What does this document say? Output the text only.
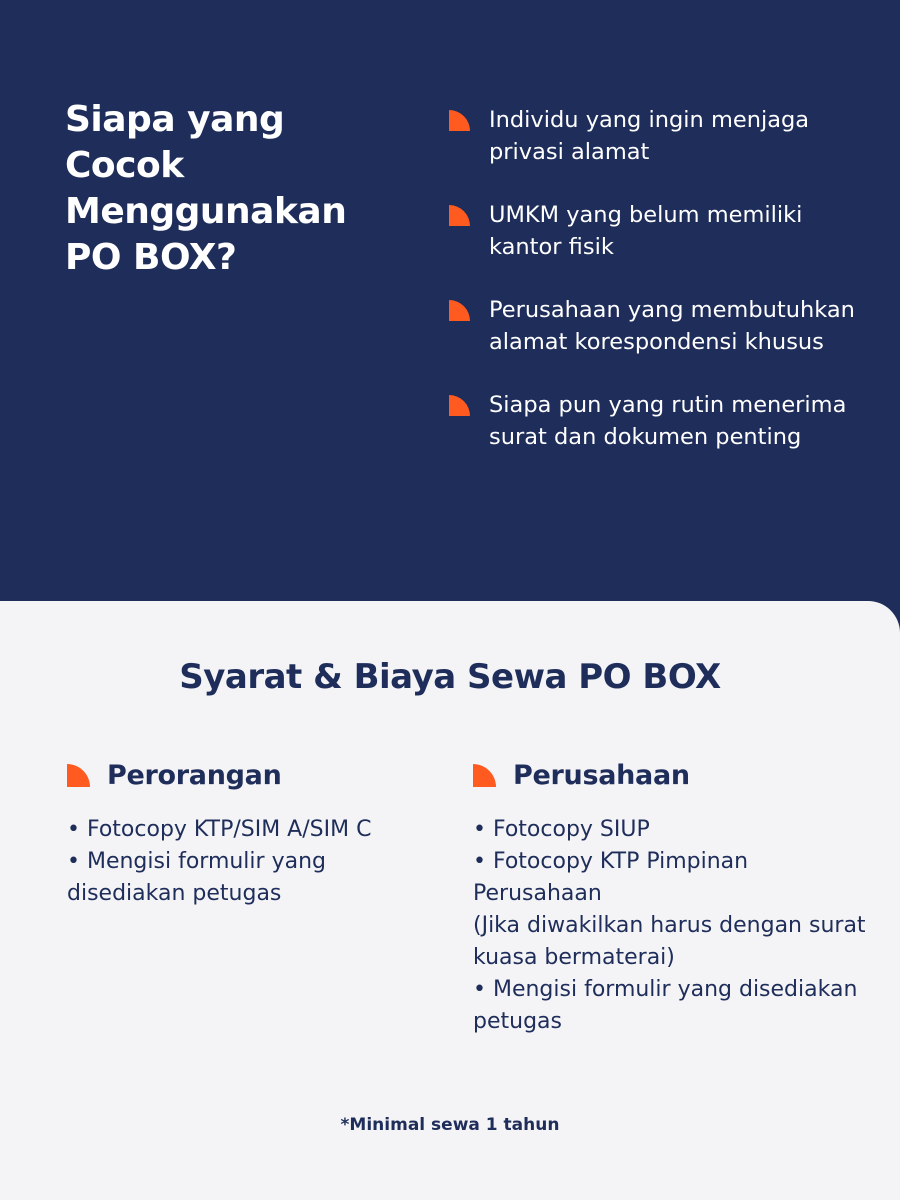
Siapa yang Cocok Menggunakan PO BOX?
Individu yang ingin menjaga privasi alamat
UMKM yang belum memiliki kantor fisik
Perusahaan yang membutuhkan alamat korespondensi khusus
Siapa pun yang rutin menerima surat dan dokumen penting
Syarat & Biaya Sewa PO BOX
Perorangan
• Fotocopy KTP/SIM A/SIM C
• Mengisi formulir yang disediakan petugas
Perusahaan
• Fotocopy SIUP
• Fotocopy KTP Pimpinan Perusahaan
(Jika diwakilkan harus dengan surat kuasa bermaterai)
• Mengisi formulir yang disediakan petugas
*Minimal sewa 1 tahun
